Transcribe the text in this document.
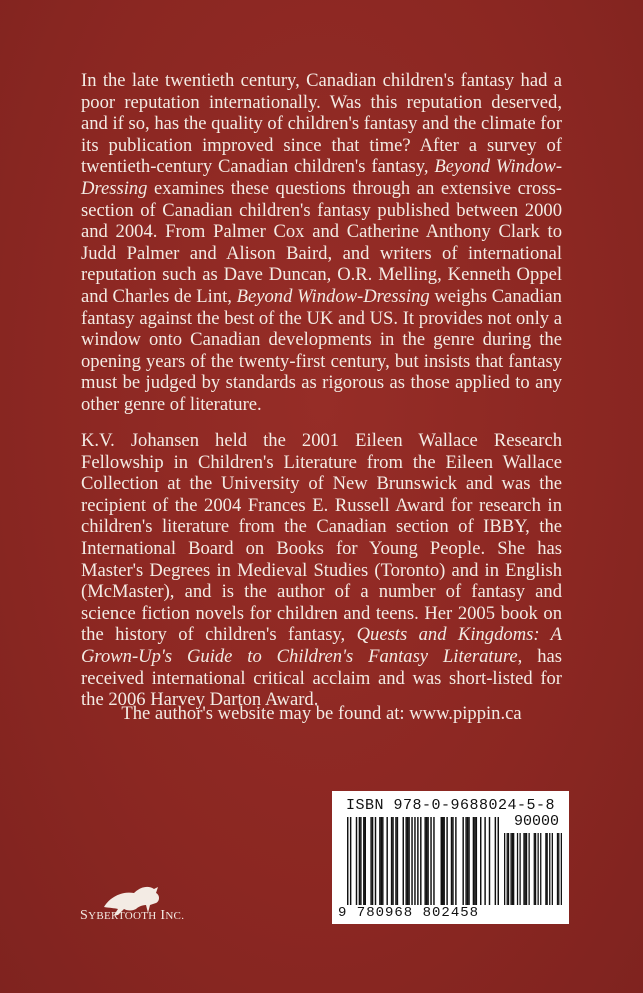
In the late twentieth century, Canadian children's fantasy had a poor reputation internationally. Was this reputation deserved, and if so, has the quality of children's fantasy and the climate for its publication improved since that time? After a survey of twentieth-century Canadian children's fantasy, Beyond Window-Dressing examines these questions through an extensive cross-section of Canadian children's fantasy published between 2000 and 2004. From Palmer Cox and Catherine Anthony Clark to Judd Palmer and Alison Baird, and writers of international reputation such as Dave Duncan, O.R. Melling, Kenneth Oppel and Charles de Lint, Beyond Window-Dressing weighs Canadian fantasy against the best of the UK and US. It provides not only a window onto Canadian developments in the genre during the opening years of the twenty-first century, but insists that fantasy must be judged by standards as rigorous as those applied to any other genre of literature.

K.V. Johansen held the 2001 Eileen Wallace Research Fellowship in Children's Literature from the Eileen Wallace Collection at the University of New Brunswick and was the recipient of the 2004 Frances E. Russell Award for research in children's literature from the Canadian section of IBBY, the International Board on Books for Young People. She has Master's Degrees in Medieval Studies (Toronto) and in English (McMaster), and is the author of a number of fantasy and science fiction novels for children and teens. Her 2005 book on the history of children's fantasy, Quests and Kingdoms: A Grown-Up's Guide to Children's Fantasy Literature, has received international critical acclaim and was short-listed for the 2006 Harvey Darton Award.

The author's website may be found at: www.pippin.ca

ISBN 978-0-9688024-5-8
90000
9 780968 802458
SYBERTOOTH INC.
